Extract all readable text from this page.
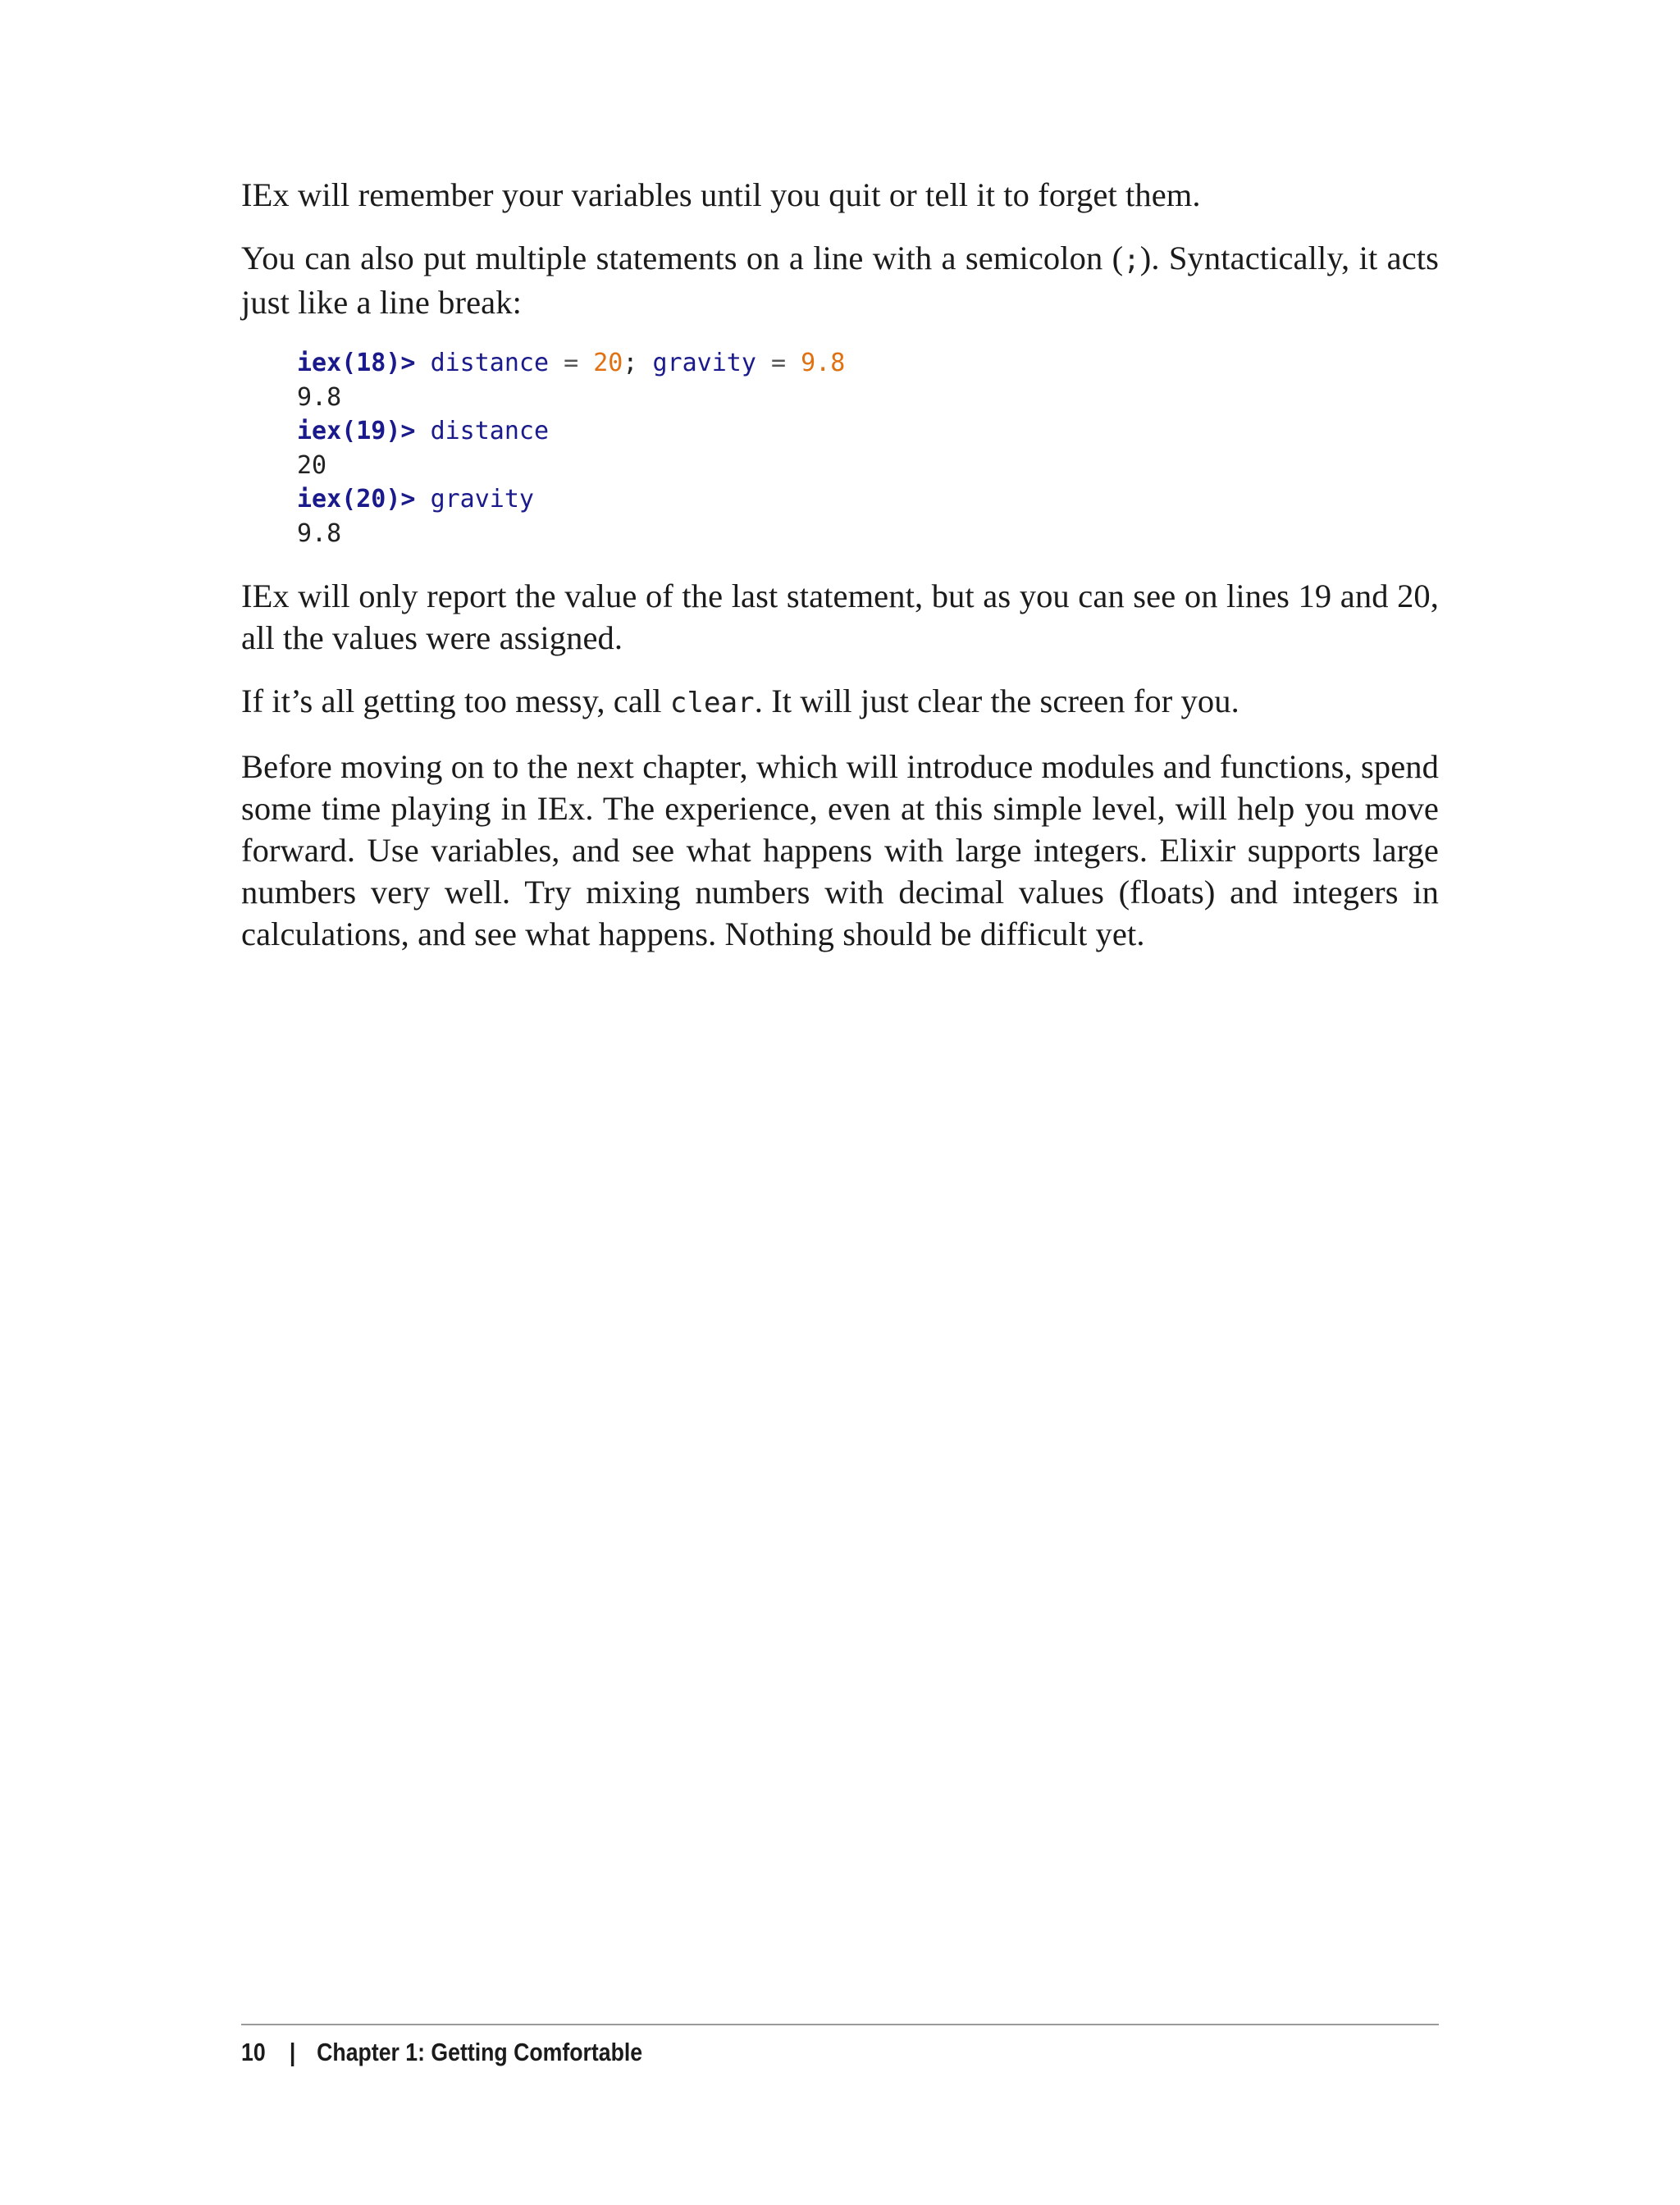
IEx will remember your variables until you quit or tell it to forget them.

You can also put multiple statements on a line with a semicolon (;). Syntactically, it acts just like a line break:

iex(18)> distance = 20; gravity = 9.8
9.8
iex(19)> distance
20
iex(20)> gravity
9.8

IEx will only report the value of the last statement, but as you can see on lines 19 and 20, all the values were assigned.

If it’s all getting too messy, call clear. It will just clear the screen for you.

Before moving on to the next chapter, which will introduce modules and functions, spend some time playing in IEx. The experience, even at this simple level, will help you move forward. Use variables, and see what happens with large integers. Elixir supports large numbers very well. Try mixing numbers with decimal values (floats) and integers in calculations, and see what happens. Nothing should be difficult yet.

10 | Chapter 1: Getting Comfortable
